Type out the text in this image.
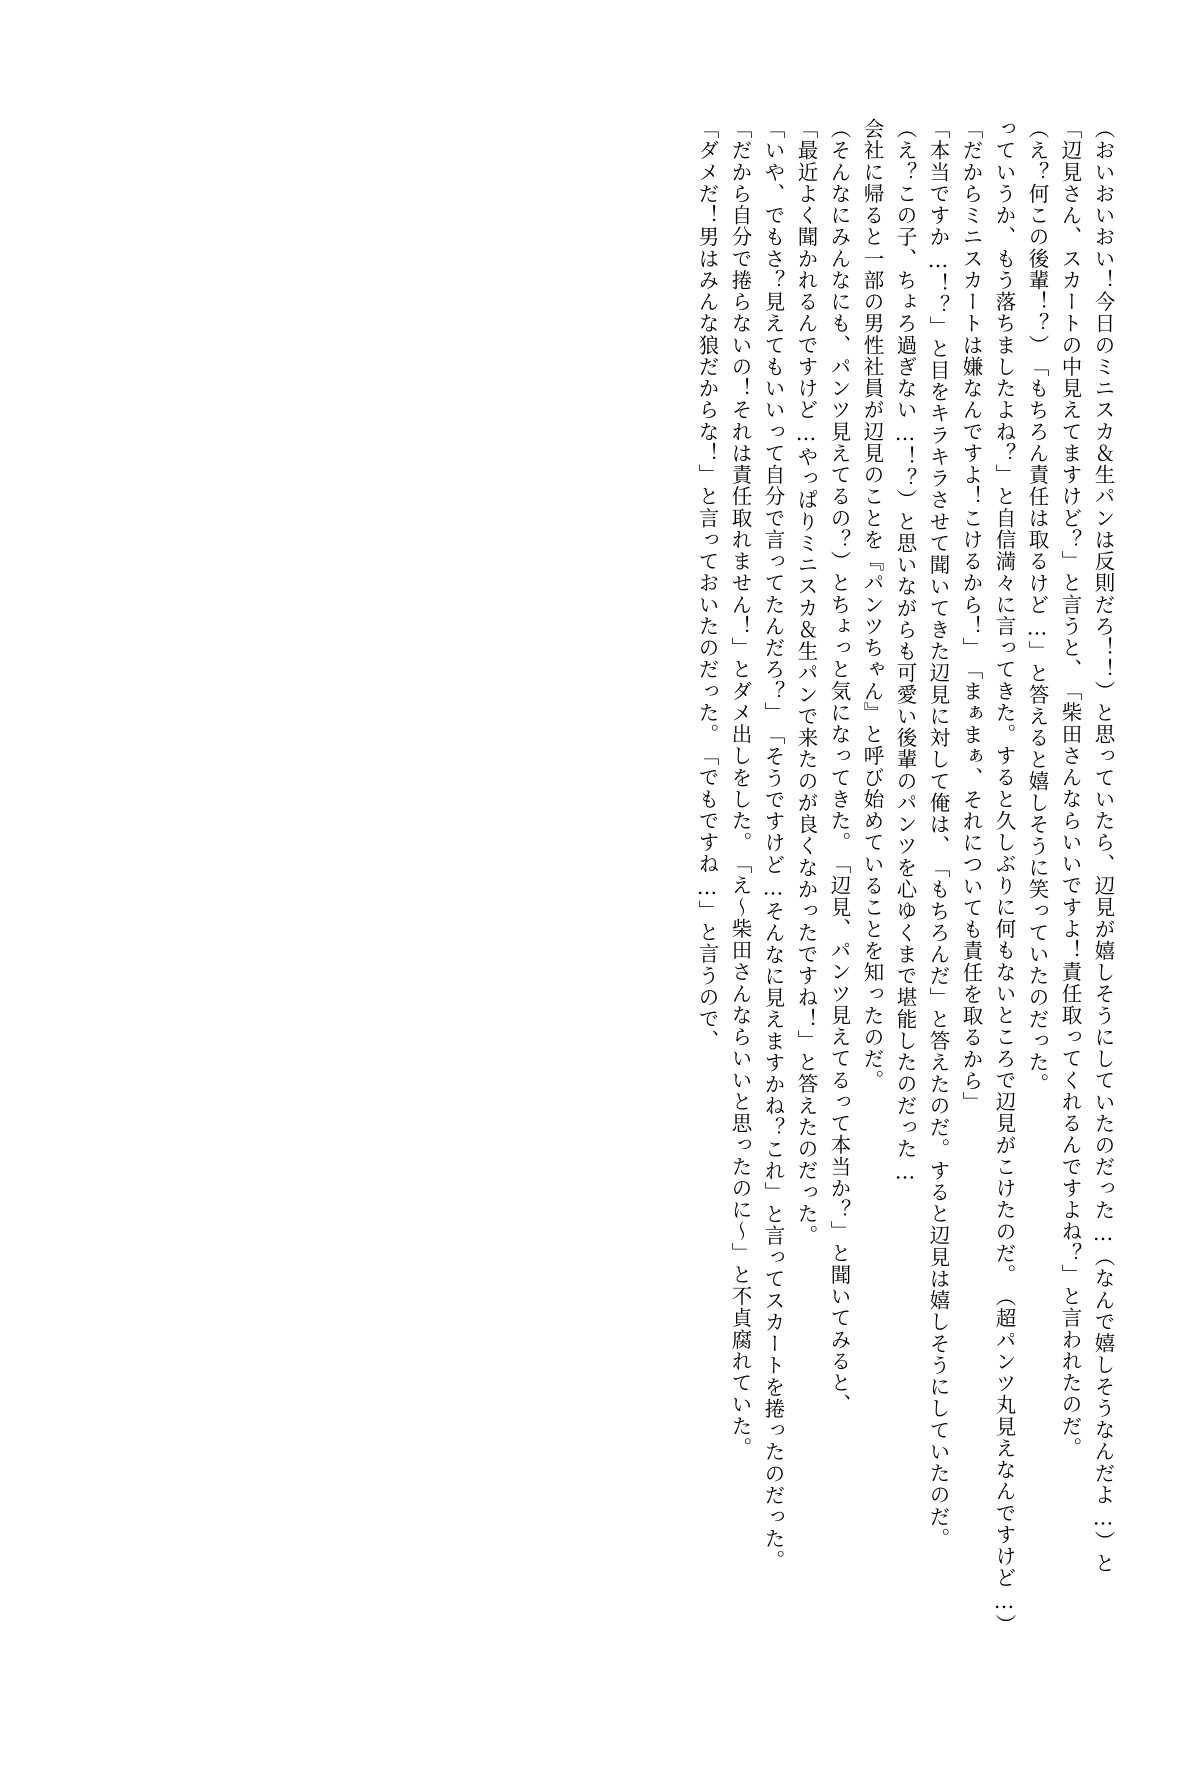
（おいおいおい！今日のミニスカ＆生パンは反則だろ！！）と思っていたら、辺見が嬉しそうにしていたの
だった…
（なんで嬉しそうなんだよ…）と
「辺見さん、スカートの中見えてますけど？」と言うと、
「柴田さんならいいですよ！責任取ってくれるんですよね？」と言われたのだ。
（え？何この後輩！？）
「もちろん責任は取るけど…」と答えると嬉しそうに笑っていたのだった。
っていうか、もう落ちましたよね？」と自信満々に言ってきた。
すると久しぶりに何もないところで辺見がこけたのだ。
（超パンツ丸見えなんですけど…）
「だからミニスカートは嫌なんですよ！こけるから！」
「まぁまぁ、それについても責任を取るから」
「本当ですか…！？」と目をキラキラさせて聞いてきた辺見に対して俺は、
「もちろんだ」と答えたのだ。すると辺見は嬉しそうにしていたのだ。
（え？この子、ちょろ過ぎない…！？）と思いながらも可愛い後輩のパンツを心ゆくまで堪能したのだっ
た…
会社に帰ると一部の男性社員が辺見のことを『パンツちゃん』と呼び始めていることを知ったのだ。
（そんなにみんなにも、パンツ見えてるの？）とちょっと気になってきた。
「辺見、パンツ見えてるって本当か？」と聞いてみると、
「最近よく聞かれるんですけど…やっぱりミニスカ＆生パンで来たのが良くなかったですね！」と答えた
のだった。
「いや、でもさ？見えてもいいって自分で言ってたんだろ？」
「そうですけど…そんなに見えますかね？これ」と言ってスカートを捲ったのだった。
「だから自分で捲らないの！それは責任取れません！」とダメ出しをした。
「え〜柴田さんならいいと思ったのに〜」と不貞腐れていた。
「ダメだ！男はみんな狼だからな！」と言っておいたのだった。
「でもですね…」と言うので、
